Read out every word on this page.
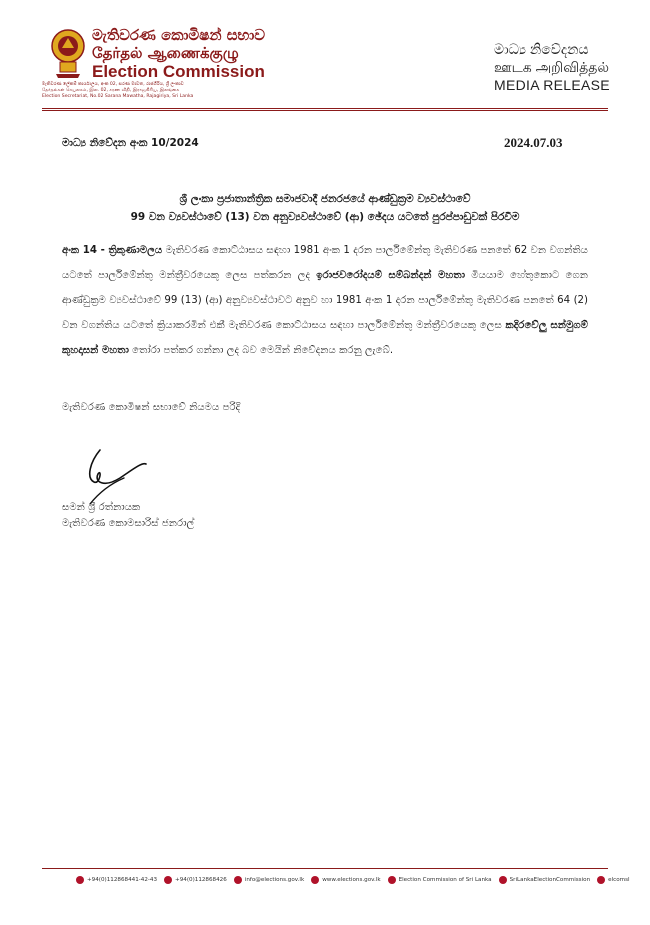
මැතිවරණ කොමිෂන් සභාව
தேர்தல் ஆணைக்குழு
Election Commission
මැතිවරණ ලේකම් කාර්යාලය, අංක 02, සරණ මාවත, රාජගිරිය, ශ්‍රී ලංකාව
தேர்தல்கள் செயலகம், இல. 02, சரண வீதி, இராஜகிரிய, இலங்கை
Election Secretariat, No.02 Sarana Mawatha, Rajagiriya, Sri Lanka
මාධ්‍ය නිවේදනය
ஊடக அறிவித்தல்
MEDIA RELEASE
මාධ්‍ය නිවේදන අංක 10/2024	2024.07.03
ශ්‍රී ලංකා ප්‍රජාතාන්ත්‍රික සමාජවාදී ජනරජයේ ආණ්ඩුක්‍රම ව්‍යවස්ථාවේ
99 වන ව්‍යවස්ථාවේ (13) වන අනුව්‍යවස්ථාවේ (ආ) ඡේදය යටතේ පුරප්පාඩුවක් පිරවීම
අංක 14 - ත්‍රිකුණාමලය මැතිවරණ කොට්ඨාසය සඳහා 1981 අංක 1 දරන පාර්ලිමේන්තු මැතිවරණ පනතේ 62 වන වගන්තිය යටතේ පාර්ලිමේන්තු මන්ත්‍රීවරයෙකු ලෙස පත්කරන ලද ඉරාජවරෝදයම් සම්බන්දන් මහතා මියයාම හේතුකොට ගෙන ආණ්ඩුක්‍රම ව්‍යවස්ථාවේ 99 (13) (ආ) අනුව්‍යවස්ථාවට අනුව හා 1981 අංක 1 දරන පාර්ලිමේන්තු මැතිවරණ පනතේ 64 (2) වන වගන්තිය යටතේ ක්‍රියාකරමින් එකී මැතිවරණ කොට්ඨාසය සඳහා පාර්ලිමේන්තු මන්ත්‍රීවරයෙකු ලෙස කදිරවේලු සන්මුගම් කුහදාසන් මහතා තෝරා පත්කර ගන්නා ලද බව මෙයින් නිවේදනය කරනු ලැබේ.
මැතිවරණ කොමිෂන් සභාවේ නියමය පරිදි
සමන් ශ්‍රී රත්නායක
මැතිවරණ කොමසාරිස් ජනරාල්
+94(0)112868441-42-43	+94(0)112868426	info@elections.gov.lk	www.elections.gov.lk	Election Commission of Sri Lanka	SriLankaElectionCommission	elcomsl
